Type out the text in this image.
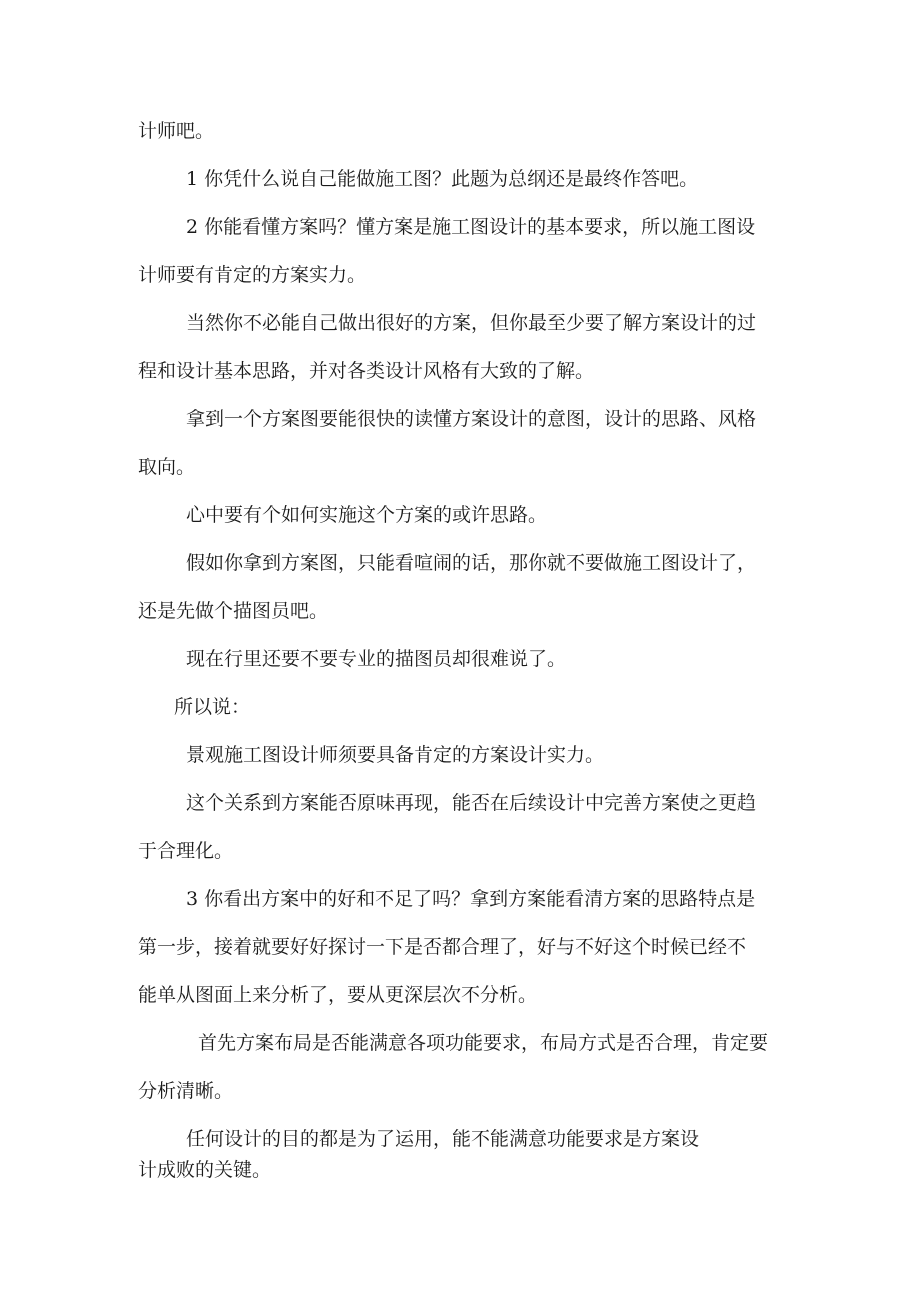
计师吧。

1 你凭什么说自己能做施工图？此题为总纲还是最终作答吧。

2 你能看懂方案吗？懂方案是施工图设计的基本要求，所以施工图设

计师要有肯定的方案实力。

当然你不必能自己做出很好的方案，但你最至少要了解方案设计的过

程和设计基本思路，并对各类设计风格有大致的了解。

拿到一个方案图要能很快的读懂方案设计的意图，设计的思路、风格

取向。

心中要有个如何实施这个方案的或许思路。

假如你拿到方案图，只能看喧闹的话，那你就不要做施工图设计了，

还是先做个描图员吧。

现在行里还要不要专业的描图员却很难说了。

所以说：

景观施工图设计师须要具备肯定的方案设计实力。

这个关系到方案能否原味再现，能否在后续设计中完善方案使之更趋

于合理化。

3 你看出方案中的好和不足了吗？拿到方案能看清方案的思路特点是

第一步，接着就要好好探讨一下是否都合理了，好与不好这个时候已经不

能单从图面上来分析了，要从更深层次不分析。

首先方案布局是否能满意各项功能要求，布局方式是否合理，肯定要

分析清晰。

任何设计的目的都是为了运用，能不能满意功能要求是方案设

计成败的关键。
